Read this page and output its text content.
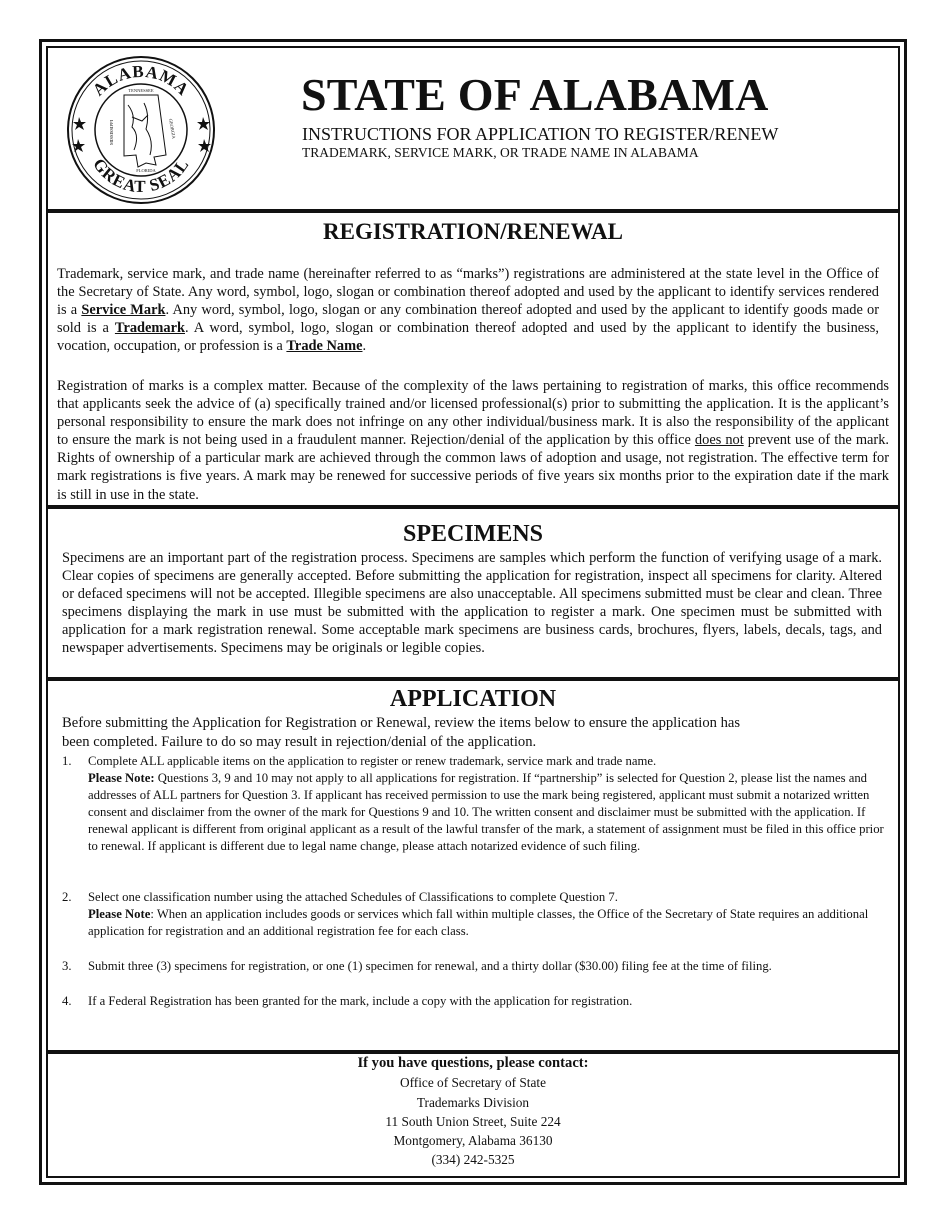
ALABAMA
GREAT SEAL
TENNESSEE
GEORGIA
MISSISSIPPI
FLORIDA
STATE OF ALABAMA
INSTRUCTIONS FOR APPLICATION TO REGISTER/RENEW
TRADEMARK, SERVICE MARK, OR TRADE NAME IN ALABAMA
REGISTRATION/RENEWAL

Trademark, service mark, and trade name (hereinafter referred to as “marks”) registrations are administered at the state level in the Office of the Secretary of State. Any word, symbol, logo, slogan or combination thereof adopted and used by the applicant to identify services rendered is a Service Mark. Any word, symbol, logo, slogan or any combination thereof adopted and used by the applicant to identify goods made or sold is a Trademark. A word, symbol, logo, slogan or combination thereof adopted and used by the applicant to identify the business, vocation, occupation, or profession is a Trade Name.

Registration of marks is a complex matter. Because of the complexity of the laws pertaining to registration of marks, this office recommends that applicants seek the advice of (a) specifically trained and/or licensed professional(s) prior to submitting the application. It is the applicant’s personal responsibility to ensure the mark does not infringe on any other individual/business mark. It is also the responsibility of the applicant to ensure the mark is not being used in a fraudulent manner. Rejection/denial of the application by this office does not prevent use of the mark. Rights of ownership of a particular mark are achieved through the common laws of adoption and usage, not registration. The effective term for mark registrations is five years. A mark may be renewed for successive periods of five years six months prior to the expiration date if the mark is still in use in the state.

SPECIMENS

Specimens are an important part of the registration process. Specimens are samples which perform the function of verifying usage of a mark. Clear copies of specimens are generally accepted. Before submitting the application for registration, inspect all specimens for clarity. Altered or defaced specimens will not be accepted. Illegible specimens are also unacceptable. All specimens submitted must be clear and clean. Three specimens displaying the mark in use must be submitted with the application to register a mark. One specimen must be submitted with application for a mark registration renewal. Some acceptable mark specimens are business cards, brochures, flyers, labels, decals, tags, and newspaper advertisements. Specimens may be originals or legible copies.

APPLICATION
Before submitting the Application for Registration or Renewal, review the items below to ensure the application has
been completed. Failure to do so may result in rejection/denial of the application.
1. Complete ALL applicable items on the application to register or renew trademark, service mark and trade name.
Please Note: Questions 3, 9 and 10 may not apply to all applications for registration. If “partnership” is selected for Question 2, please list the names and addresses of ALL partners for Question 3. If applicant has received permission to use the mark being registered, applicant must submit a notarized written consent and disclaimer from the owner of the mark for Questions 9 and 10. The written consent and disclaimer must be submitted with the application. If renewal applicant is different from original applicant as a result of the lawful transfer of the mark, a statement of assignment must be filed in this office prior to renewal. If applicant is different due to legal name change, please attach notarized evidence of such filing.
2. Select one classification number using the attached Schedules of Classifications to complete Question 7.
Please Note: When an application includes goods or services which fall within multiple classes, the Office of the Secretary of State requires an additional application for registration and an additional registration fee for each class.
3. Submit three (3) specimens for registration, or one (1) specimen for renewal, and a thirty dollar ($30.00) filing fee at the time of filing.
4. If a Federal Registration has been granted for the mark, include a copy with the application for registration.
If you have questions, please contact:
Office of Secretary of State
Trademarks Division
11 South Union Street, Suite 224
Montgomery, Alabama 36130
(334) 242-5325
